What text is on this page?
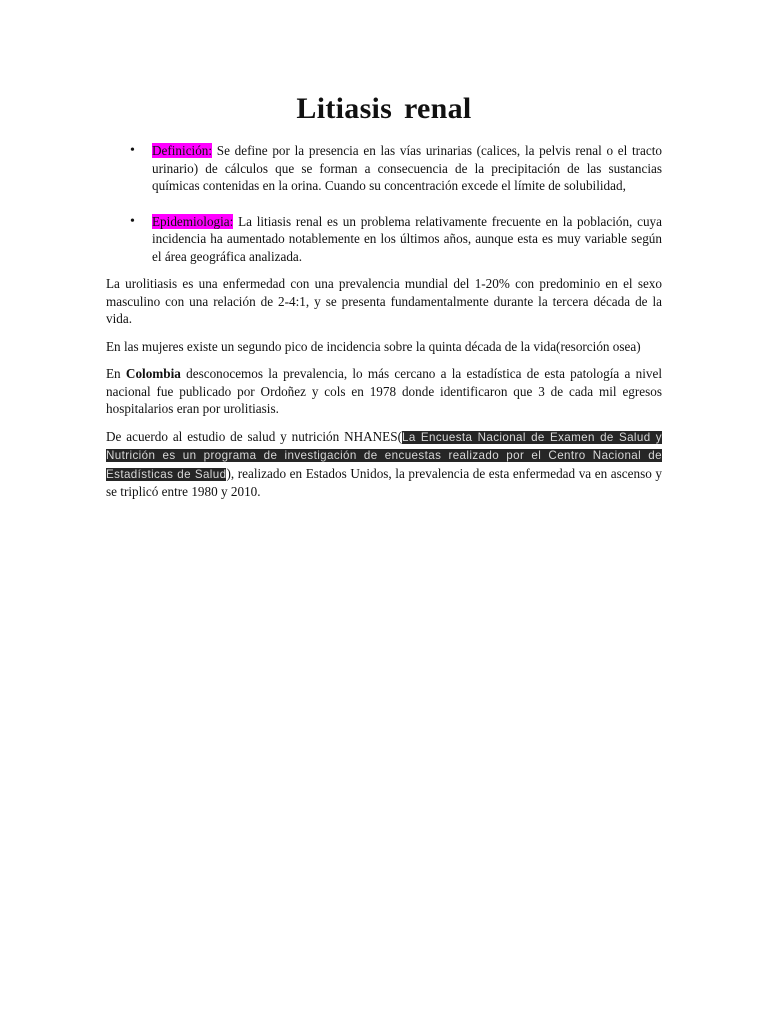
Litiasis renal
• Definición: Se define por la presencia en las vías urinarias (calices, la pelvis renal o el tracto urinario) de cálculos que se forman a consecuencia de la precipitación de las sustancias químicas contenidas en la orina. Cuando su concentración excede el límite de solubilidad,
• Epidemiologia: La litiasis renal es un problema relativamente frecuente en la población, cuya incidencia ha aumentado notablemente en los últimos años, aunque esta es muy variable según el área geográfica analizada.

La urolitiasis es una enfermedad con una prevalencia mundial del 1-20% con predominio en el sexo masculino con una relación de 2-4:1, y se presenta fundamentalmente durante la tercera década de la vida.

En las mujeres existe un segundo pico de incidencia sobre la quinta década de la vida(resorción osea)

En Colombia desconocemos la prevalencia, lo más cercano a la estadística de esta patología a nivel nacional fue publicado por Ordoñez y cols en 1978 donde identificaron que 3 de cada mil egresos hospitalarios eran por urolitiasis.

De acuerdo al estudio de salud y nutrición NHANES(La Encuesta Nacional de Examen de Salud y Nutrición es un programa de investigación de encuestas realizado por el Centro Nacional de Estadísticas de Salud), realizado en Estados Unidos, la prevalencia de esta enfermedad va en ascenso y se triplicó entre 1980 y 2010.
